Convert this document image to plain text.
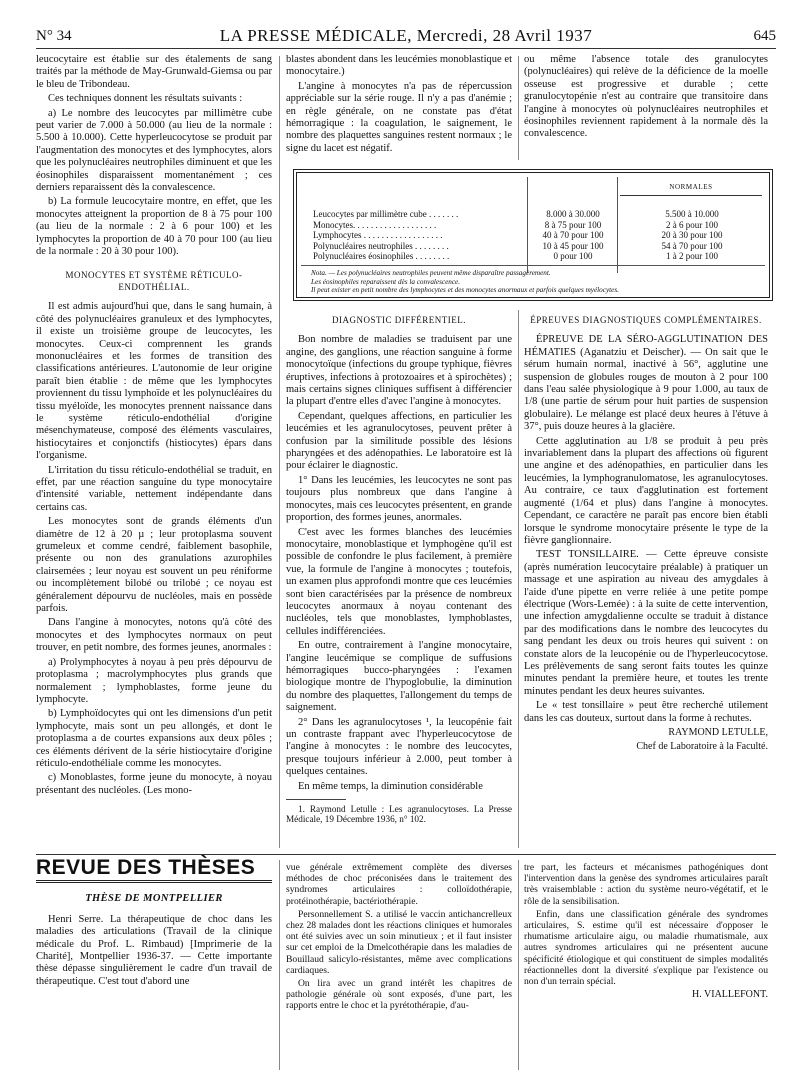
N° 34	LA PRESSE MÉDICALE, Mercredi, 28 Avril 1937	645

leucocytaire est établie sur des étalements de sang traités par la méthode de May-Grunwald-Giemsa ou par le bleu de Tribondeau.

Ces techniques donnent les résultats suivants :

a) Le nombre des leucocytes par millimètre cube peut varier de 7.000 à 50.000 (au lieu de la normale : 5.500 à 10.000). Cette hyperleucocytose se produit par l'augmentation des monocytes et des lymphocytes, alors que les polynucléaires neutrophiles diminuent et que les éosinophiles disparaissent momentanément ; ces derniers reparaissent dès la convalescence.

b) La formule leucocytaire montre, en effet, que les monocytes atteignent la proportion de 8 à 75 pour 100 (au lieu de la normale : 2 à 6 pour 100) et les lymphocytes la proportion de 40 à 70 pour 100 (au lieu de la normale : 20 à 30 pour 100).

MONOCYTES ET SYSTÈME RÉTICULO-ENDOTHÉLIAL.

Il est admis aujourd'hui que, dans le sang humain, à côté des polynucléaires granuleux et des lymphocytes, il existe un troisième groupe de leucocytes, les monocytes. Ceux-ci comprennent les grands mononucléaires et les formes de transition des classifications antérieures. L'autonomie de leur origine paraît bien établie : de même que les lymphocytes proviennent du tissu lymphoïde et les polynucléaires du tissu myéloïde, les monocytes prennent naissance dans le système réticulo-endothélial d'origine mésenchymateuse, composé des éléments vasculaires, histiocytaires et conjonctifs (histiocytes) épars dans l'organisme.

L'irritation du tissu réticulo-endothélial se traduit, en effet, par une réaction sanguine du type monocytaire d'intensité variable, nettement indépendante dans certains cas.

Les monocytes sont de grands éléments d'un diamètre de 12 à 20 µ ; leur protoplasma souvent grumeleux et comme cendré, faiblement basophile, présente ou non des granulations azurophiles clairsemées ; leur noyau est souvent un peu réniforme ou incomplètement bilobé ou trilobé ; ce noyau est généralement dépourvu de nucléoles, mais en possède parfois.

Dans l'angine à monocytes, notons qu'à côté des monocytes et des lymphocytes normaux on peut trouver, en petit nombre, des formes jeunes, anormales :

a) Prolymphocytes à noyau à peu près dépourvu de protoplasma ; macrolymphocytes plus grands que normalement ; lymphoblastes, forme jeune du lymphocyte.

b) Lymphoïdocytes qui ont les dimensions d'un petit lymphocyte, mais sont un peu allongés, et dont le protoplasma a de courtes expansions aux deux pôles ; ces éléments dérivent de la série histiocytaire d'origine réticulo-endothéliale comme les monocytes.

c) Monoblastes, forme jeune du monocyte, à noyau présentant des nucléoles. (Les mono-

blastes abondent dans les leucémies monoblastique et monocytaire.)

L'angine à monocytes n'a pas de répercussion appréciable sur la série rouge. Il n'y a pas d'anémie ; en règle générale, on ne constate pas d'état hémorragique : la coagulation, le saignement, le nombre des plaquettes sanguines restent normaux ; le signe du lacet est négatif.

ou même l'absence totale des granulocytes (polynucléaires) qui relève de la déficience de la moelle osseuse est progressive et durable ; cette granulocytopénie n'est au contraire que transitoire dans l'angine à monocytes où polynucléaires neutrophiles et éosinophiles reviennent rapidement à la normale dès la convalescence.

NORMALES
Leucocytes par millimètre cube . . . . . . .
Monocytes. . . . . . . . . . . . . . . . . . .
Lymphocytes . . . . . . . . . . . . . . . . . .
Polynucléaires neutrophiles . . . . . . . .
Polynucléaires éosinophiles . . . . . . . .
8.000 à 30.000
8 à 75 pour 100
40 à 70 pour 100
10 à 45 pour 100
0 pour 100
5.500 à 10.000
2 à 6 pour 100
20 à 30 pour 100
54 à 70 pour 100
1 à 2 pour 100
Nota. — Les polynucléaires neutrophiles peuvent même disparaître passagèrement.
Les éosinophiles reparaissent dès la convalescence.
Il peut exister en petit nombre des lymphocytes et des monocytes anormaux et parfois quelques myélocytes.
DIAGNOSTIC DIFFÉRENTIEL.

Bon nombre de maladies se traduisent par une angine, des ganglions, une réaction sanguine à forme monocytoïque (infections du groupe typhique, fièvres éruptives, infections à protozoaires et à spirochètes) ; mais certains signes cliniques suffisent à différencier la plupart d'entre elles d'avec l'angine à monocytes.

Cependant, quelques affections, en particulier les leucémies et les agranulocytoses, peuvent prêter à confusion par la similitude possible des lésions pharyngées et des adénopathies. Le laboratoire est là pour éclairer le diagnostic.

1° Dans les leucémies, les leucocytes ne sont pas toujours plus nombreux que dans l'angine à monocytes, mais ces leucocytes présentent, en grande proportion, des formes jeunes, anormales.

C'est avec les formes blanches des leucémies monocytaire, monoblastique et lymphogène qu'il est possible de confondre le plus facilement, à première vue, la formule de l'angine à monocytes ; toutefois, un examen plus approfondi montre que ces leucémies sont bien caractérisées par la présence de nombreux leucocytes anormaux à noyau contenant des nucléoles, tels que monoblastes, lymphoblastes, cellules indifférenciées.

En outre, contrairement à l'angine monocytaire, l'angine leucémique se complique de suffusions hémorragiques bucco-pharyngées : l'examen biologique montre de l'hypoglobulie, la diminution du nombre des plaquettes, l'allongement du temps de saignement.

2° Dans les agranulocytoses ¹, la leucopénie fait un contraste frappant avec l'hyperleucocytose de l'angine à monocytes : le nombre des leucocytes, presque toujours inférieur à 2.000, peut tomber à quelques centaines.

En même temps, la diminution considérable

1. Raymond Letulle : Les agranulocytoses. La Presse Médicale, 19 Décembre 1936, n° 102.

ÉPREUVES DIAGNOSTIQUES COMPLÉMENTAIRES.

ÉPREUVE DE LA SÉRO-AGGLUTINATION DES HÉMATIES (Aganatziu et Deischer). — On sait que le sérum humain normal, inactivé à 56°, agglutine une suspension de globules rouges de mouton à 2 pour 100 dans l'eau salée physiologique à 9 pour 1.000, au taux de 1/8 (une partie de sérum pour huit parties de suspension globulaire). Le mélange est placé deux heures à l'étuve à 37°, puis douze heures à la glacière.

Cette agglutination au 1/8 se produit à peu près invariablement dans la plupart des affections où figurent une angine et des adénopathies, en particulier dans les leucémies, la lymphogranulomatose, les agranulocytoses. Au contraire, ce taux d'agglutination est fortement augmenté (1/64 et plus) dans l'angine à monocytes. Cependant, ce caractère ne paraît pas encore bien établi lorsque le syndrome monocytaire présente le type de la fièvre ganglionnaire.

TEST TONSILLAIRE. — Cette épreuve consiste (après numération leucocytaire préalable) à pratiquer un massage et une aspiration au niveau des amygdales à l'aide d'une pipette en verre reliée à une petite pompe électrique (Wors-Lemée) : à la suite de cette intervention, une infection amygdalienne occulte se traduit à distance par des modifications dans le nombre des leucocytes du sang pendant les deux ou trois heures qui suivent : on constate alors de la leucopénie ou de l'hyperleucocytose. Les prélèvements de sang seront faits toutes les quinze minutes pendant la première heure, et toutes les trente minutes pendant les deux heures suivantes.

Le « test tonsillaire » peut être recherché utilement dans les cas douteux, surtout dans la forme à rechutes.

RAYMOND LETULLE,

Chef de Laboratoire à la Faculté.

REVUE DES THÈSES
THÈSE DE MONTPELLIER

Henri Serre. La thérapeutique de choc dans les maladies des articulations (Travail de la clinique médicale du Prof. L. Rimbaud) [Imprimerie de la Charité], Montpellier 1936-37. — Cette importante thèse dépasse singulièrement le cadre d'un travail de thérapeutique. C'est tout d'abord une

vue générale extrêmement complète des diverses méthodes de choc préconisées dans le traitement des syndromes articulaires : colloïdothérapie, protéinothérapie, bactériothérapie.

Personnellement S. a utilisé le vaccin antichancrelleux chez 28 malades dont les réactions cliniques et humorales ont été suivies avec un soin minutieux ; et il faut insister sur cet emploi de la Dmelcothérapie dans les maladies de Bouillaud salicylo-résistantes, même avec complications cardiaques.

On lira avec un grand intérêt les chapitres de pathologie générale où sont exposés, d'une part, les rapports entre le choc et la pyrétothérapie, d'au-

tre part, les facteurs et mécanismes pathogéniques dont l'intervention dans la genèse des syndromes articulaires paraît très vraisemblable : action du système neuro-végétatif, et le rôle de la sensibilisation.

Enfin, dans une classification générale des syndromes articulaires, S. estime qu'il est nécessaire d'opposer le rhumatisme articulaire aigu, ou maladie rhumatismale, aux autres syndromes articulaires qui ne présentent aucune spécificité étiologique et qui constituent de simples modalités réactionnelles dont la diversité s'explique par l'existence ou non d'un terrain spécial.

H. VIALLEFONT.
